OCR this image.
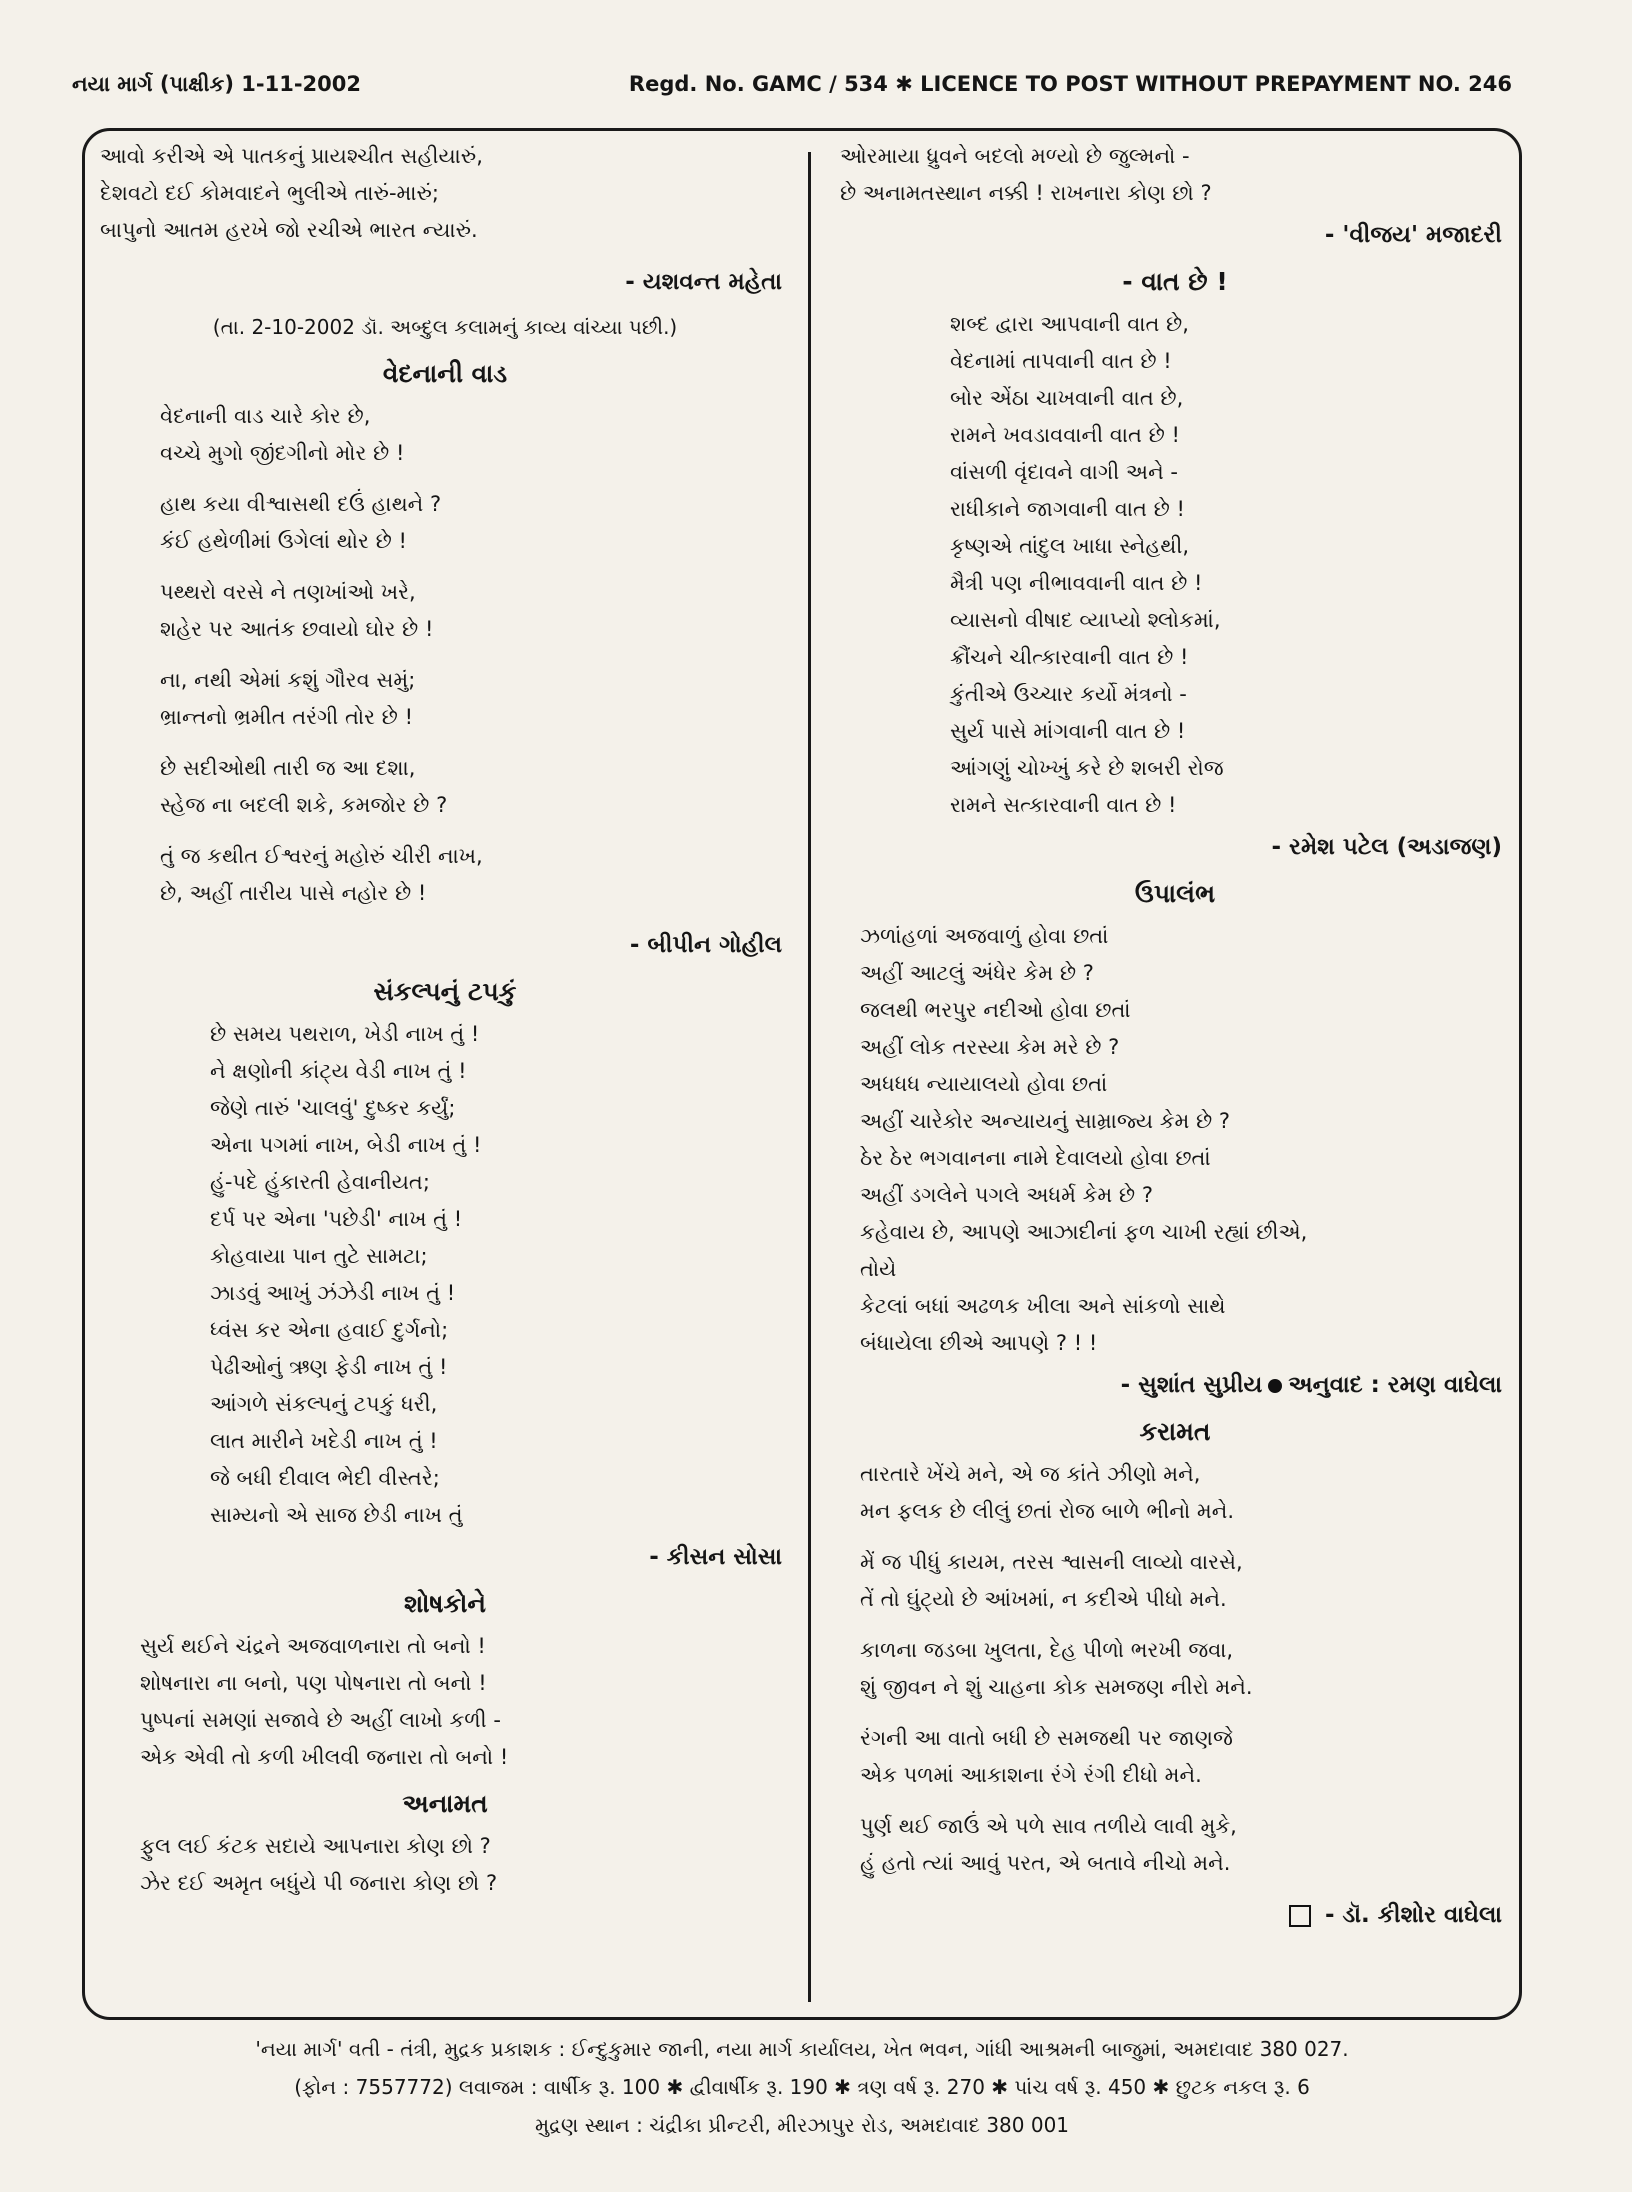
નયા માર્ગ (પાક્ષીક) 1-11-2002	Regd. No. GAMC / 534 ✱ LICENCE TO POST WITHOUT PREPAYMENT NO. 246
આવો કરીએ એ પાતકનું પ્રાયશ્ચીત સહીયારું,
દેશવટો દઈ કોમવાદને ભુલીએ તારું-મારું;
બાપુનો આતમ હરખે જો રચીએ ભારત ન્યારું.
- યશવન્ત મહેતા
(તા. 2-10-2002 ડૉ. અબ્દુલ કલામનું કાવ્ય વાંચ્યા પછી.)
વેદનાની વાડ
વેદનાની વાડ ચારે કોર છે,
વચ્ચે મુગો જીંદગીનો મોર છે !
હાથ કયા વીશ્વાસથી દઉં હાથને ?
કંઈ હથેળીમાં ઉગેલાં થોર છે !
પથ્થરો વરસે ને તણખાંઓ ખરે,
શહેર પર આતંક છવાયો ઘોર છે !
ના, નથી એમાં કશું ગૌરવ સમું;
ભ્રાન્તનો ભ્રમીત તરંગી તોર છે !
છે સદીઓથી તારી જ આ દશા,
સ્હેજ ના બદલી શકે, કમજોર છે ?
તું જ કથીત ઈશ્વરનું મહોરું ચીરી નાખ,
છે, અહીં તારીય પાસે નહોર છે !
- બીપીન ગોહીલ
સંકલ્પનું ટપકું
છે સમય પથરાળ, ખેડી નાખ તું !
ને ક્ષણોની કાંટ્ય વેડી નાખ તું !
જેણે તારું 'ચાલવું' દુષ્કર કર્યું;
એના પગમાં નાખ, બેડી નાખ તું !
હું-પદે હુંકારતી હેવાનીયત;
દર્પ પર એના 'પછેડી' નાખ તું !
કોહવાયા પાન તુટે સામટા;
ઝાડવું આખું ઝંઝેડી નાખ તું !
ધ્વંસ કર એના હવાઈ દુર્ગનો;
પેઢીઓનું ઋણ ફેડી નાખ તું !
આંગળે સંકલ્પનું ટપકું ધરી,
લાત મારીને ખદેડી નાખ તું !
જે બધી દીવાલ ભેદી વીસ્તરે;
સામ્યનો એ સાજ છેડી નાખ તું
- કીસન સોસા
શોષકોને
સુર્ય થઈને ચંદ્રને અજવાળનારા તો બનો !
શોષનારા ના બનો, પણ પોષનારા તો બનો !
પુષ્પનાં સમણાં સજાવે છે અહીં લાખો કળી -
એક એવી તો કળી ખીલવી જનારા તો બનો !
અનામત
ફુલ લઈ કંટક સદાયે આપનારા કોણ છો ?
ઝેર દઈ અમૃત બધુંયે પી જનારા કોણ છો ?
ઓરમાયા ધ્રુવને બદલો મળ્યો છે જુલ્મનો -
છે અનામતસ્થાન નક્કી ! રાખનારા કોણ છો ?
- 'વીજય' મજાદરી
- વાત છે !
શબ્દ દ્વારા આપવાની વાત છે,
વેદનામાં તાપવાની વાત છે !
બોર એંઠા ચાખવાની વાત છે,
રામને ખવડાવવાની વાત છે !
વાંસળી વૃંદાવને વાગી અને -
રાધીકાને જાગવાની વાત છે !
કૃષ્ણએ તાંદુલ ખાધા સ્નેહથી,
મૈત્રી પણ નીભાવવાની વાત છે !
વ્યાસનો વીષાદ વ્યાપ્યો શ્લોકમાં,
ક્રૌંચને ચીત્કારવાની વાત છે !
કુંતીએ ઉચ્ચાર કર્યો મંત્રનો -
સુર્ય પાસે માંગવાની વાત છે !
આંગણું ચોખ્ખું કરે છે શબરી રોજ
રામને સત્કારવાની વાત છે !
- રમેશ પટેલ (અડાજણ)
ઉપાલંભ
ઝળાંહળાં અજવાળું હોવા છતાં
અહીં આટલું અંધેર કેમ છે ?
જલથી ભરપુર નદીઓ હોવા છતાં
અહીં લોક તરસ્યા કેમ મરે છે ?
અધધધ ન્યાયાલયો હોવા છતાં
અહીં ચારેકોર અન્યાયનું સામ્રાજ્ય કેમ છે ?
ઠેર ઠેર ભગવાનના નામે દેવાલયો હોવા છતાં
અહીં ડગલેને પગલે અધર્મ કેમ છે ?
કહેવાય છે, આપણે આઝાદીનાં ફળ ચાખી રહ્યાં છીએ,
તોયે
કેટલાં બધાં અઢળક ખીલા અને સાંકળો સાથે
બંધાયેલા છીએ આપણે ? ! !
- સુશાંત સુપ્રીય અનુવાદ : રમણ વાઘેલા
કરામત
તારતારે ખેંચે મને, એ જ કાંતે ઝીણો મને,
મન ફલક છે લીલું છતાં રોજ બાળે ભીનો મને.
મેં જ પીધું કાયમ, તરસ શ્વાસની લાવ્યો વારસે,
તેં તો ઘુંટ્યો છે આંખમાં, ન કદીએ પીધો મને.
કાળના જડબા ખુલતા, દેહ પીળો ભરખી જવા,
શું જીવન ને શું ચાહના કોક સમજણ નીરો મને.
રંગની આ વાતો બધી છે સમજથી પર જાણજે
એક પળમાં આકાશના રંગે રંગી દીધો મને.
પુર્ણ થઈ જાઉં એ પળે સાવ તળીયે લાવી મુકે,
હું હતો ત્યાં આવું પરત, એ બતાવે નીચો મને.
- ડૉ. કીશોર વાઘેલા
'નયા માર્ગ' વતી - તંત્રી, મુદ્રક પ્રકાશક : ઈન્દુકુમાર જાની, નયા માર્ગ કાર્યાલય, ખેત ભવન, ગાંધી આશ્રમની બાજુમાં, અમદાવાદ 380 027.
(ફોન : 7557772) લવાજમ : વાર્ષીક રૂ. 100 ✱ દ્વીવાર્ષીક રૂ. 190 ✱ ત્રણ વર્ષ રૂ. 270 ✱ પાંચ વર્ષ રૂ. 450 ✱ છુટક નકલ રૂ. 6
મુદ્રણ સ્થાન : ચંદ્રીકા પ્રીન્ટરી, મીરઝાપુર રોડ, અમદાવાદ 380 001
